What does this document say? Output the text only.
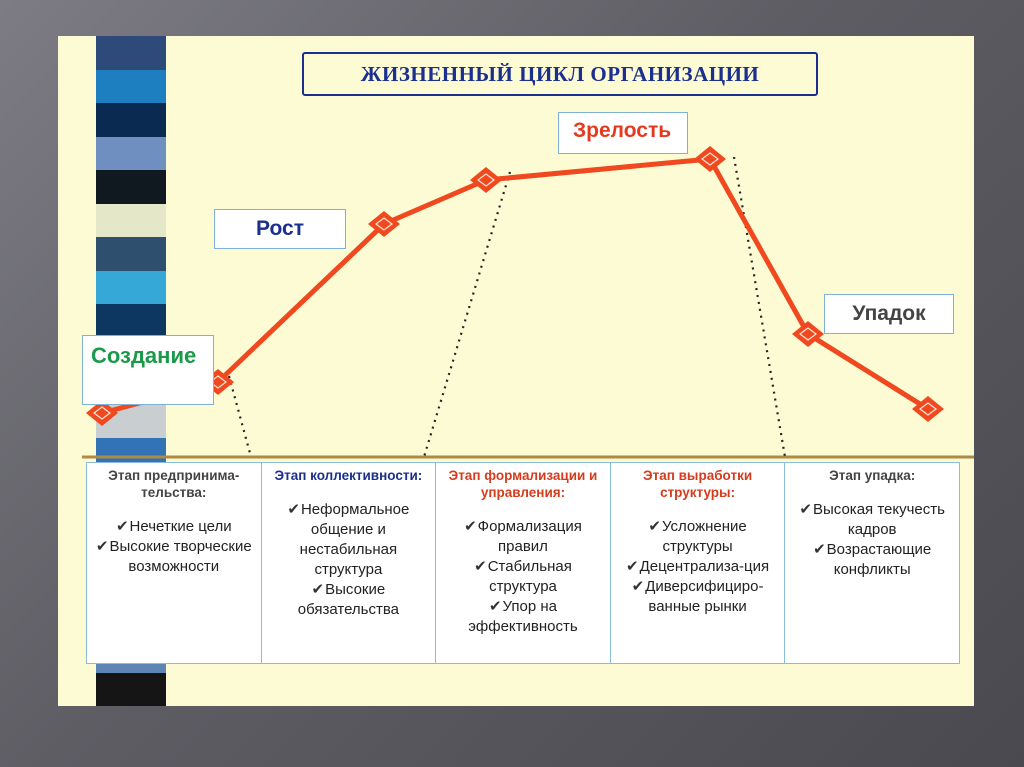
ЖИЗНЕННЫЙ ЦИКЛ ОРГАНИЗАЦИИ
Создание
Рост
Зрелость
Упадок
Этап предпринима-тельства:
✔Нечеткие цели
✔Высокие творческие возможности

Этап коллективности:
✔Неформальное общение и нестабильная структура
✔Высокие обязательства

Этап формализации и управления:
✔Формализация правил
✔Стабильная структура
✔Упор на эффективность

Этап выработки структуры:
✔Усложнение структуры
✔Децентрализа-ция
✔Диверсифициро-ванные рынки

Этап упадка:
✔Высокая текучесть кадров
✔Возрастающие конфликты
